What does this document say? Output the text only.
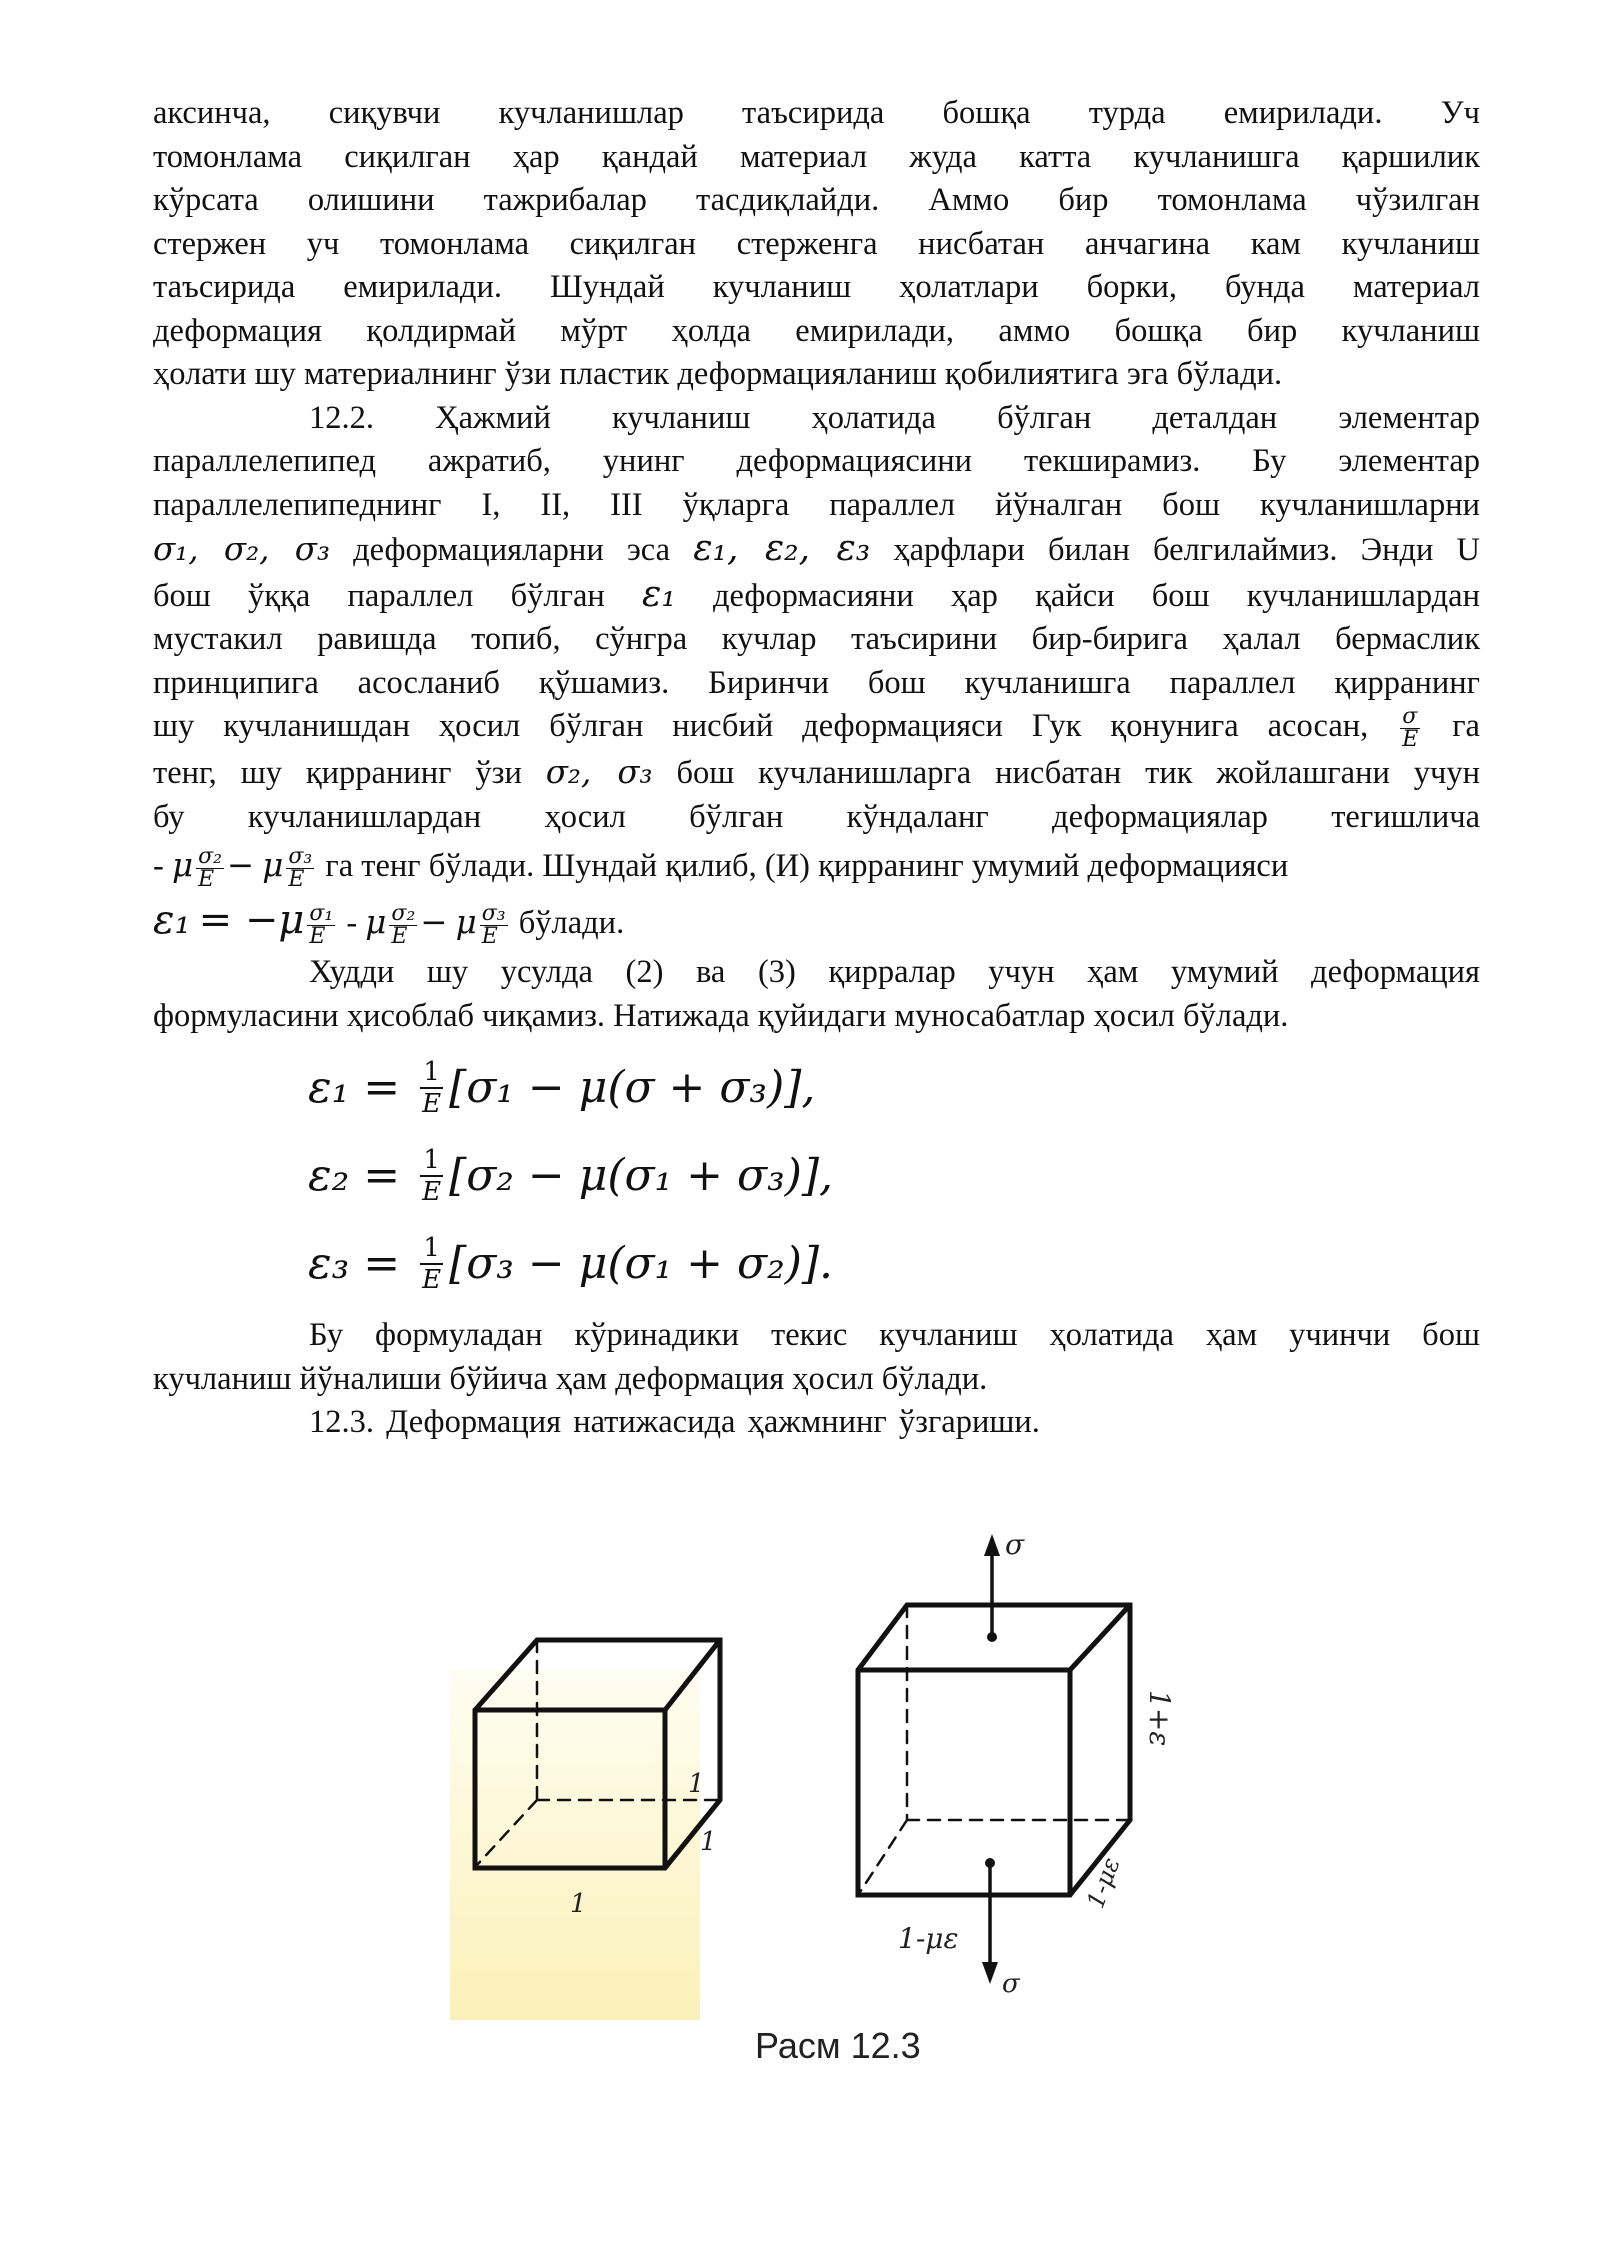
аксинча, сиқувчи кучланишлар таъсирида бошқа турда емирилади. Уч
томонлама сиқилган ҳар қандай материал жуда катта кучланишга қаршилик
кўрсата олишини тажрибалар тасдиқлайди. Аммо бир томонлама чўзилган
стержен уч томонлама сиқилган стерженга нисбатан анчагина кам кучланиш
таъсирида емирилади. Шундай кучланиш ҳолатлари борки, бунда материал
деформация қолдирмай мўрт ҳолда емирилади, аммо бошқа бир кучланиш
ҳолати шу материалнинг ўзи пластик деформацияланиш қобилиятига эга бўлади.

12.2. Ҳажмий кучланиш ҳолатида бўлган деталдан элементар
параллелепипед ажратиб, унинг деформациясини текширамиз. Бу элементар
параллелепипеднинг I, II, III ўқларга параллел йўналган бош кучланишларни
σ₁, σ₂, σ₃ деформацияларни эса ε₁, ε₂, ε₃ ҳарфлари билан белгилаймиз. Энди U
бош ўққа параллел бўлган ε₁ деформасияни ҳар қайси бош кучланишлардан
мустакил равишда топиб, сўнгра кучлар таъсирини бир-бирига ҳалал бермаслик
принципига асосланиб қўшамиз. Биринчи бош кучланишга параллел қирранинг
шу кучланишдан ҳосил бўлган нисбий деформацияси Гук қонунига асосан, $\frac{\sigma}{E}$ га
тенг, шу қирранинг ўзи σ₂, σ₃ бош кучланишларга нисбатан тик жойлашгани учун
бу кучланишлардан ҳосил бўлган кўндаланг деформациялар тегишлича
- μ $\frac{\text{σ₂}}{E} - \mu \frac{\text{σ₃}}{E}$ га тенг бўлади. Шундай қилиб, (И) қирранинг умумий деформацияси
$\varepsilon_1 = -\mu \frac{\text{σ₁}}{E} - \mu \frac{\text{σ₂}}{E} - \mu \frac{\text{σ₃}}{E}$ бўлади.

Худди шу усулда (2) ва (3) қирралар учун ҳам умумий деформация
формуласини ҳисоблаб чиқамиз. Натижада қуйидаги муносабатлар ҳосил бўлади.

$\varepsilon_1 = \frac{1}{E} [\sigma_1 - \mu(\sigma + \sigma_3)]$,
$\varepsilon_2 = \frac{1}{E} [\sigma_2 - \mu(\sigma_1 + \sigma_3)]$,
$\varepsilon_3 = \frac{1}{E} [\sigma_3 - \mu(\sigma_1 + \sigma_2)]$.

Бу формуладан кўринадики текис кучланиш ҳолатида ҳам учинчи бош
кучланиш йўналиши бўйича ҳам деформация ҳосил бўлади.

12.3. Деформация натижасида ҳажмнинг ўзгариши.

1
1
1
σ
σ
1+ε
1-με
1-με
Расм 12.3
